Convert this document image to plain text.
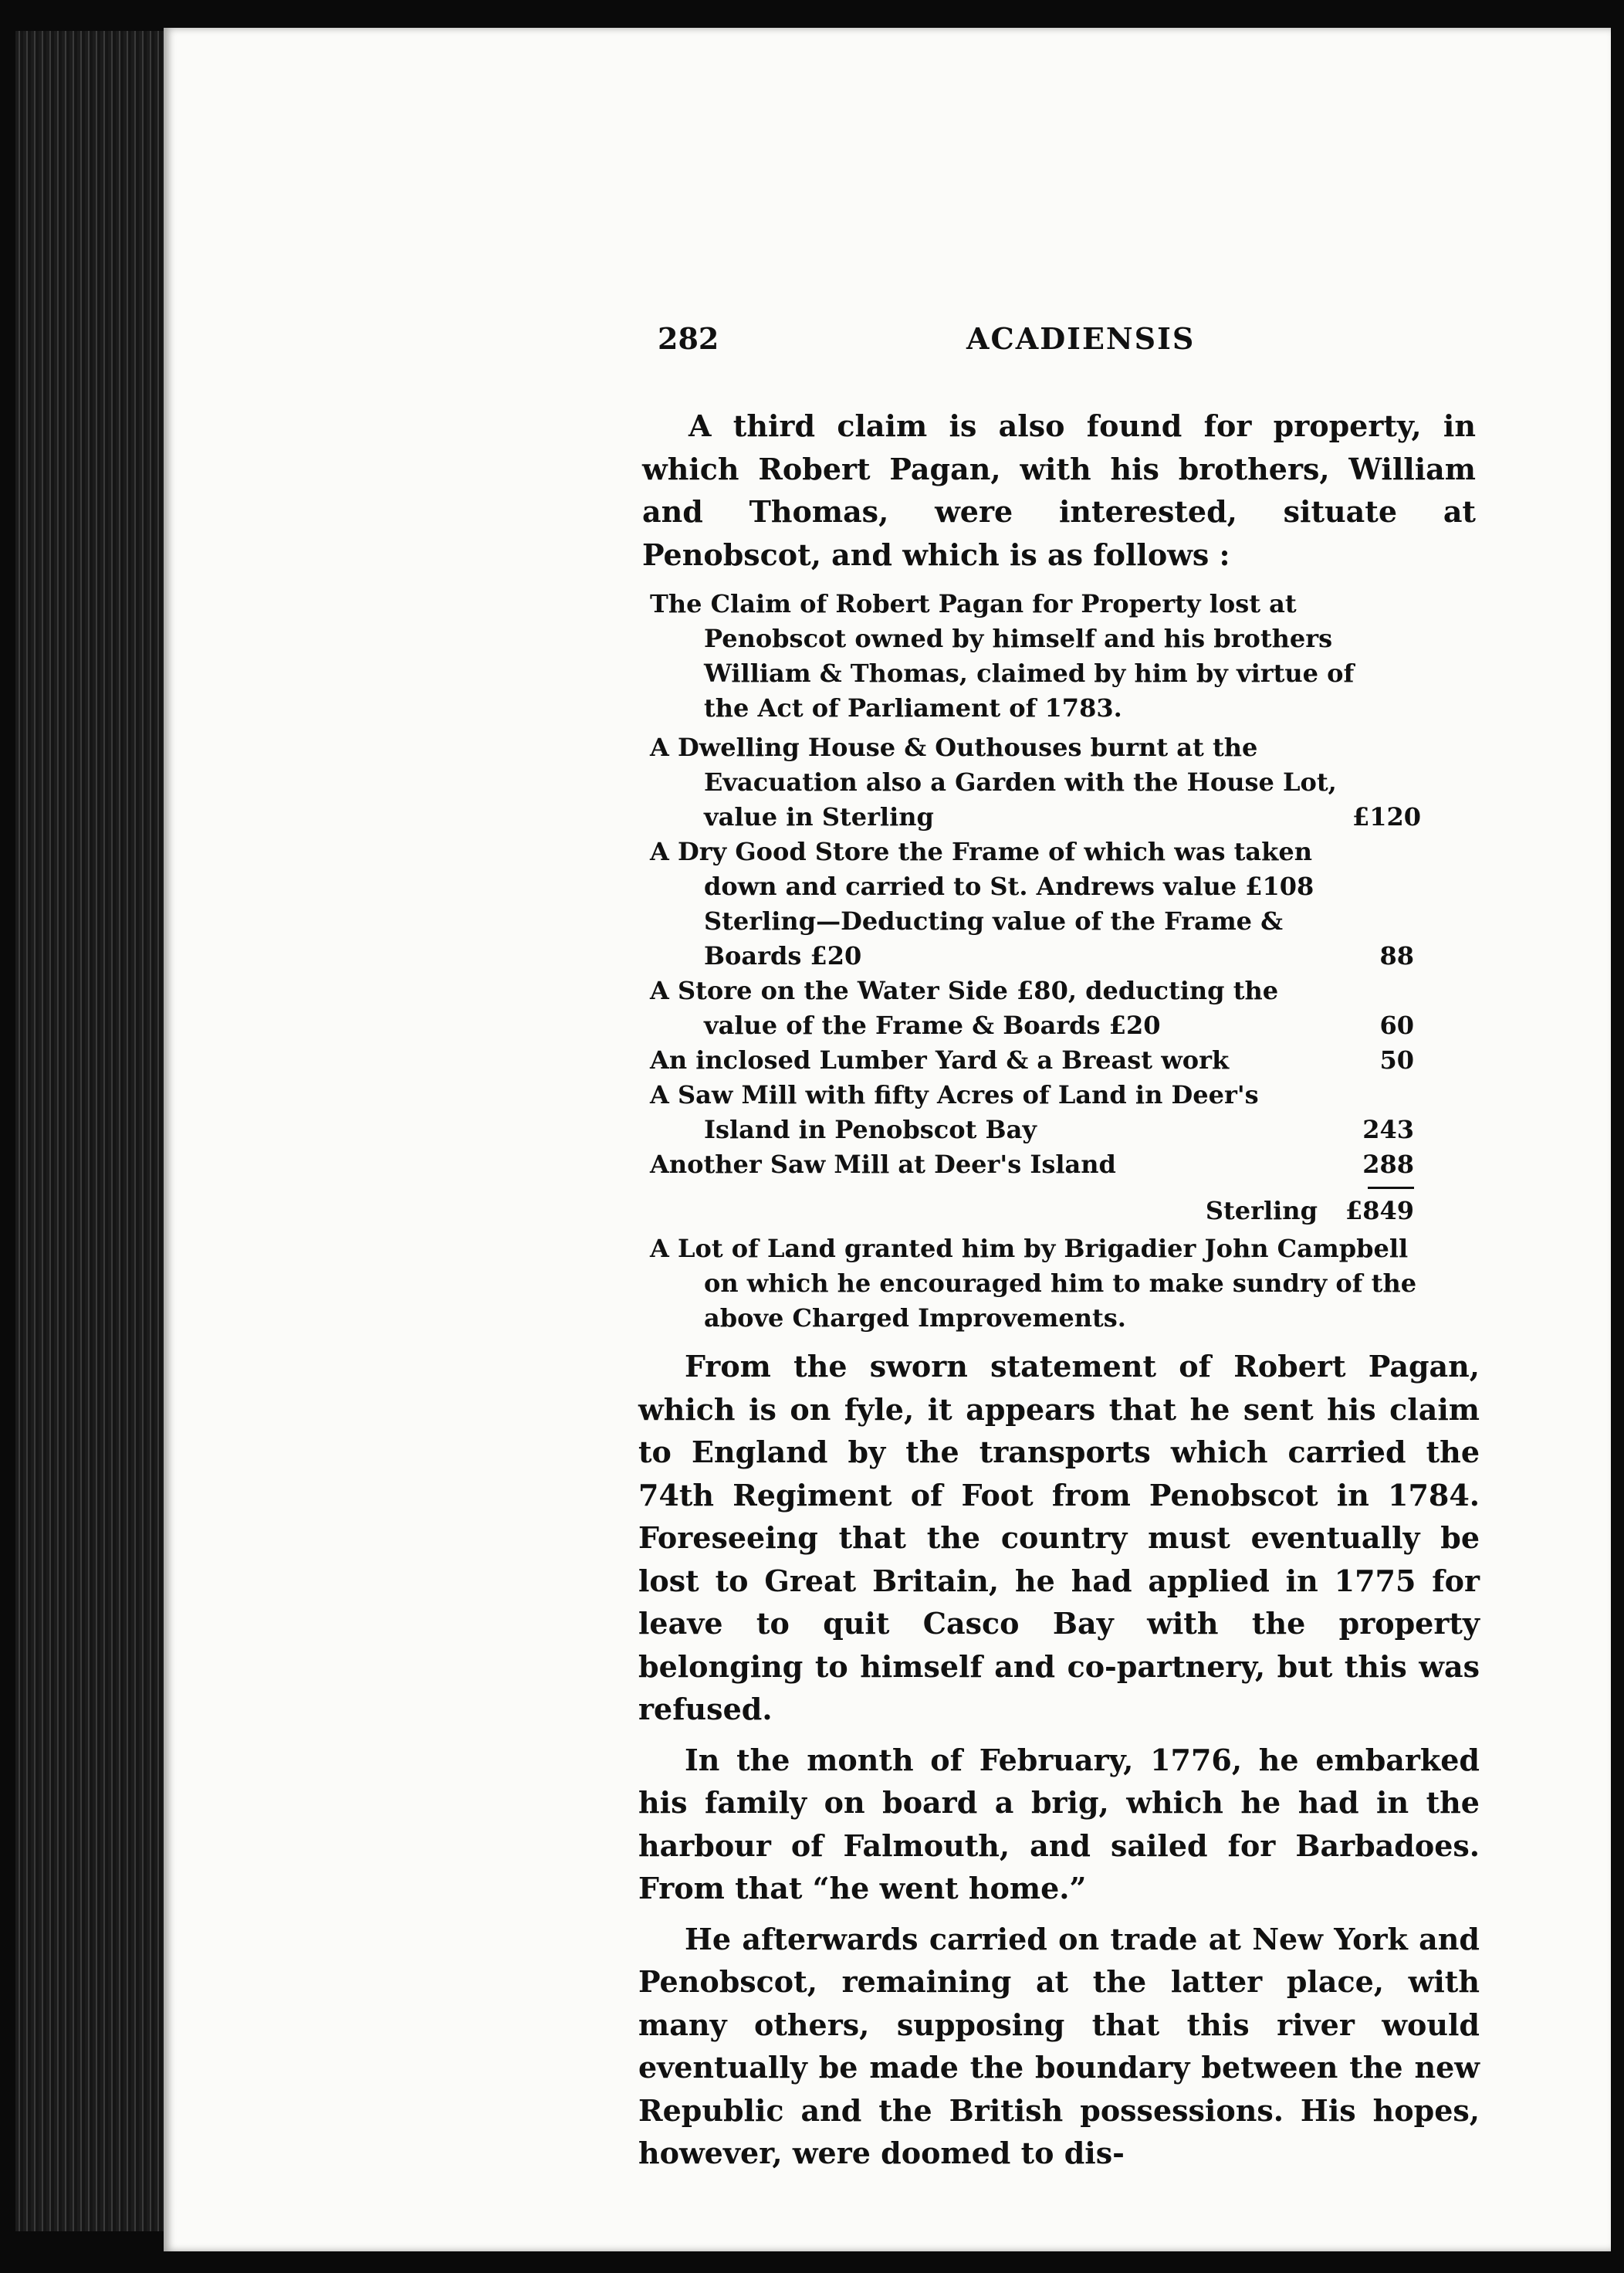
282	ACADIENSIS

A third claim is also found for property, in which Robert Pagan, with his brothers, William and Thomas, were interested, situate at Penobscot, and which is as follows :

The Claim of Robert Pagan for Property lost at Penobscot owned by himself and his brothers William & Thomas, claimed by him by virtue of the Act of Parliament of 1783.
A Dwelling House & Outhouses burnt at the Evacuation also a Garden with the House Lot, value in Sterling	£120
A Dry Good Store the Frame of which was taken down and carried to St. Andrews value £108 Sterling—Deducting value of the Frame & Boards £20	88
A Store on the Water Side £80, deducting the value of the Frame & Boards £20	60
An inclosed Lumber Yard & a Breast work	50
A Saw Mill with fifty Acres of Land in Deer's Island in Penobscot Bay	243
Another Saw Mill at Deer's Island	288
Sterling £849
A Lot of Land granted him by Brigadier John Campbell on which he encouraged him to make sundry of the above Charged Improvements.

From the sworn statement of Robert Pagan, which is on fyle, it appears that he sent his claim to England by the transports which carried the 74th Regiment of Foot from Penobscot in 1784. Foreseeing that the country must eventually be lost to Great Britain, he had applied in 1775 for leave to quit Casco Bay with the property belonging to himself and co-partnery, but this was refused.

In the month of February, 1776, he embarked his family on board a brig, which he had in the harbour of Falmouth, and sailed for Barbadoes. From that “he went home.”

He afterwards carried on trade at New York and Penobscot, remaining at the latter place, with many others, supposing that this river would eventually be made the boundary between the new Republic and the British possessions. His hopes, however, were doomed to dis-
